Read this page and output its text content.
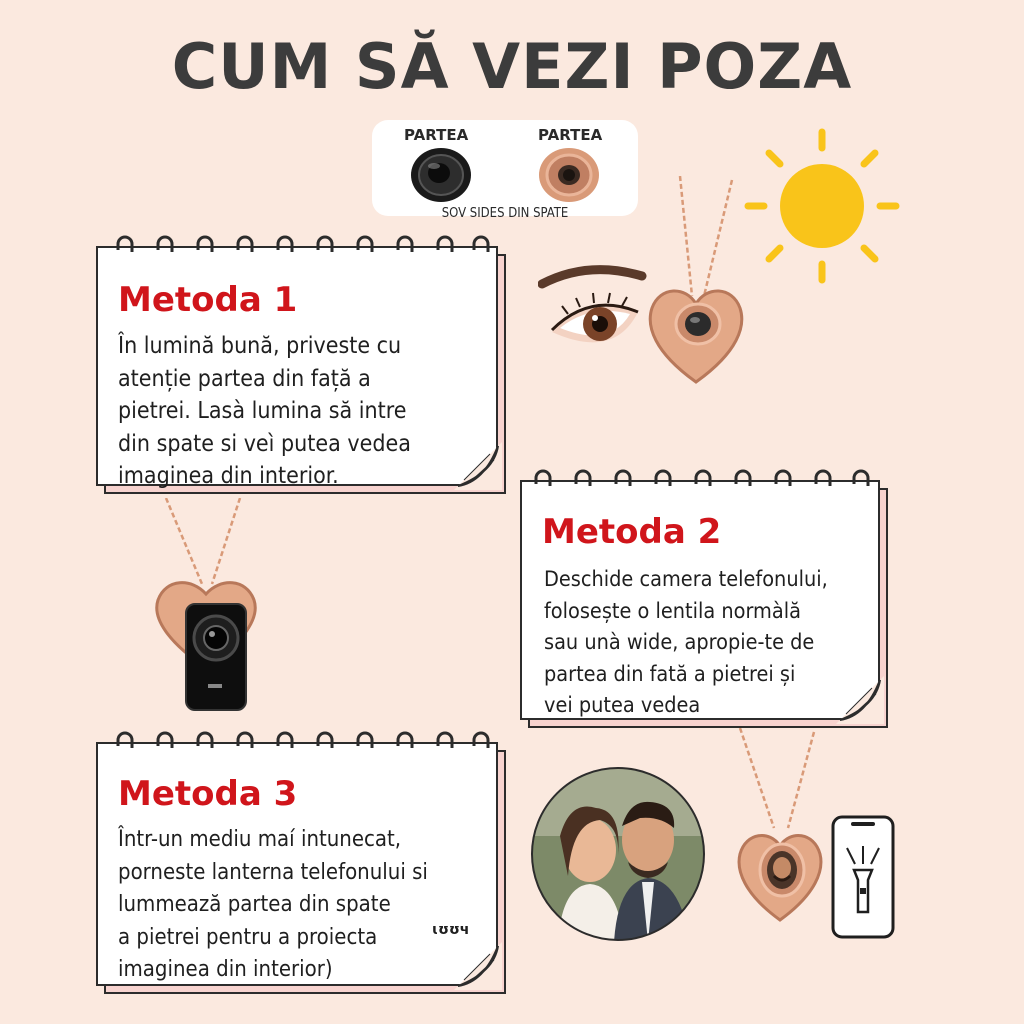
CUM SĂ VEZI POZA
PARTEA	PARTEA
SOV SIDES DIN SPATE
Metoda 1

În lumină bună, priveste cu
atenție partea din față a
pietrei. Lasà lumina să intre
din spate si veì putea vedea
imaginea din interior.

Metoda 2

Deschide camera telefonului,
folosește o lentila normàlă
sau unà wide, apropie-te de
partea din fată a pietrei și
vei putea vedea

Metoda 3

Într-un mediu maí intunecat,
porneste lanterna telefonului si
lummează partea din spate
a pietrei pentru a proiecta
imaginea din interior)

ɩʊʊч
